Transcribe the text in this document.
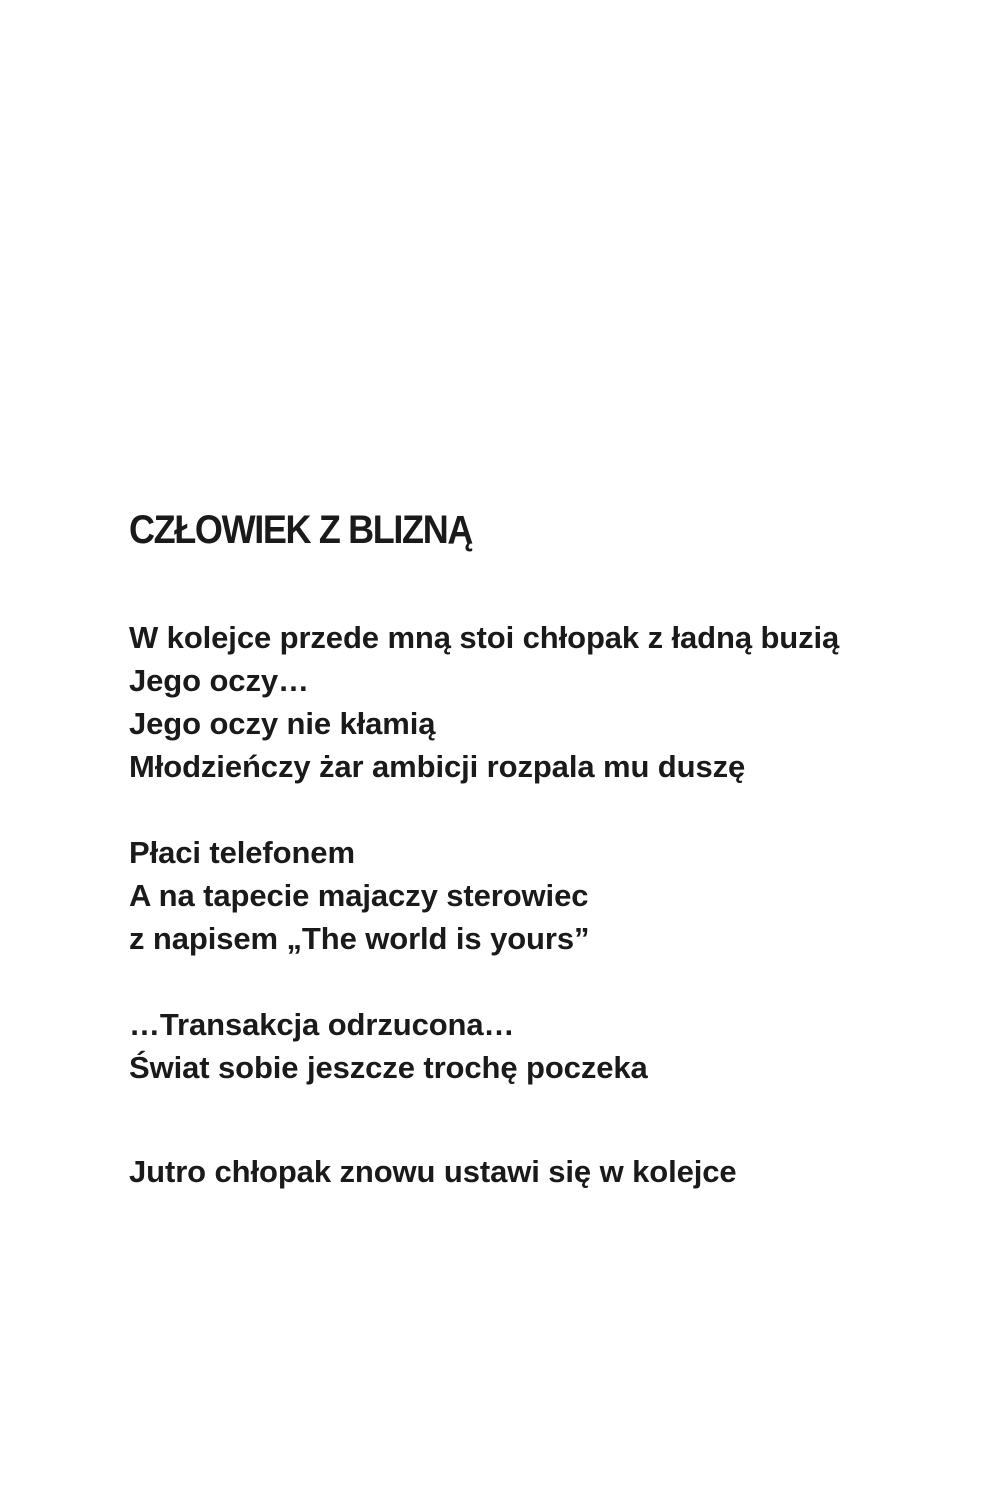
CZŁOWIEK Z BLIZNĄ

W kolejce przede mną stoi chłopak z ładną buzią
Jego oczy…
Jego oczy nie kłamią
Młodzieńczy żar ambicji rozpala mu duszę

Płaci telefonem
A na tapecie majaczy sterowiec
z napisem „The world is yours”

…Transakcja odrzucona…
Świat sobie jeszcze trochę poczeka

Jutro chłopak znowu ustawi się w kolejce
